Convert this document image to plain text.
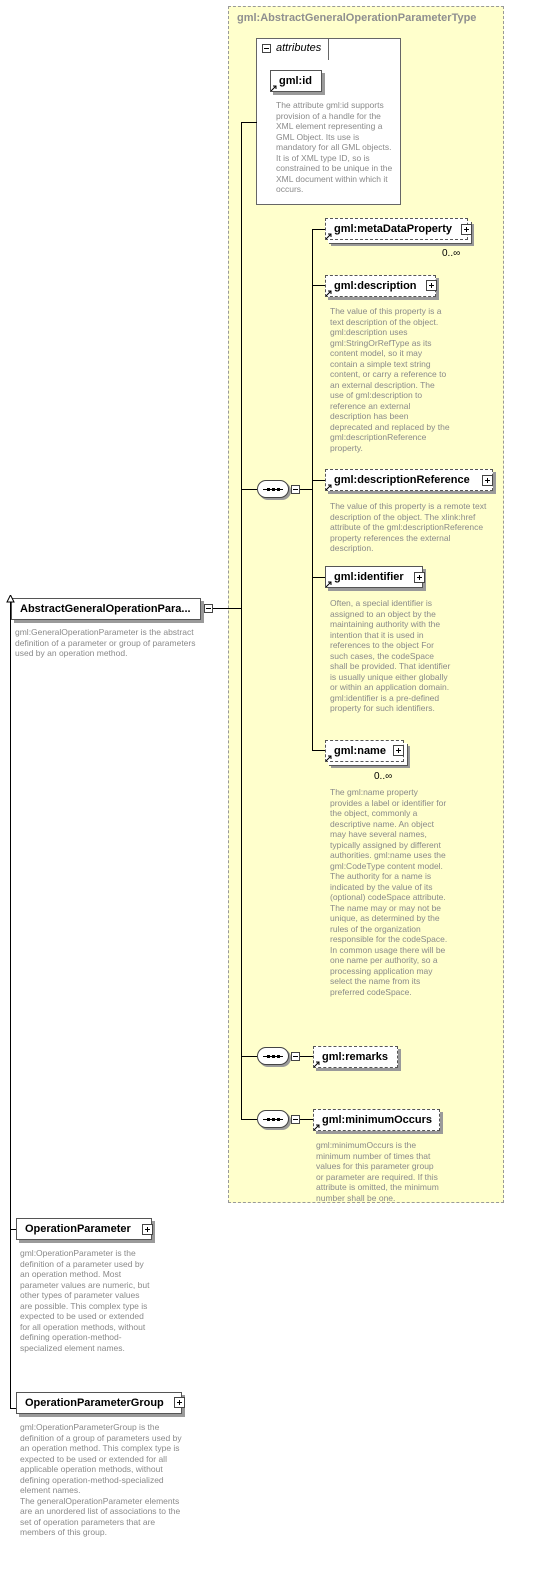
gml:AbstractGeneralOperationParameterType
attributes
gml:id
The attribute gml:id supports provision of a handle for the XML element representing a GML Object. Its use is mandatory for all GML objects. It is of XML type ID, so is constrained to be unique in the XML document within which it occurs.
gml:metaDataProperty
0..∞
gml:description
The value of this property is a text description of the object. gml:description uses gml:StringOrRefType as its content model, so it may contain a simple text string content, or carry a reference to an external description. The use of gml:description to reference an external description has been deprecated and replaced by the gml:descriptionReference property.
gml:descriptionReference
The value of this property is a remote text description of the object. The xlink:href attribute of the gml:descriptionReference property references the external description.
gml:identifier
Often, a special identifier is assigned to an object by the maintaining authority with the intention that it is used in references to the object For such cases, the codeSpace shall be provided. That identifier is usually unique either globally or within an application domain. gml:identifier is a pre-defined property for such identifiers.
gml:name
0..∞
The gml:name property provides a label or identifier for the object, commonly a descriptive name. An object may have several names, typically assigned by different authorities. gml:name uses the gml:CodeType content model. The authority for a name is indicated by the value of its (optional) codeSpace attribute. The name may or may not be unique, as determined by the rules of the organization responsible for the codeSpace. In common usage there will be one name per authority, so a processing application may select the name from its preferred codeSpace.
gml:remarks
gml:minimumOccurs
gml:minimumOccurs is the minimum number of times that values for this parameter group or parameter are required. If this attribute is omitted, the minimum number shall be one.
AbstractGeneralOperationPara...
gml:GeneralOperationParameter is the abstract definition of a parameter or group of parameters used by an operation method.
OperationParameter
gml:OperationParameter is the definition of a parameter used by an operation method. Most parameter values are numeric, but other types of parameter values are possible. This complex type is expected to be used or extended for all operation methods, without defining operation-method-specialized element names.
OperationParameterGroup
gml:OperationParameterGroup is the definition of a group of parameters used by an operation method. This complex type is expected to be used or extended for all applicable operation methods, without defining operation-method-specialized element names.
The generalOperationParameter elements are an unordered list of associations to the set of operation parameters that are members of this group.
